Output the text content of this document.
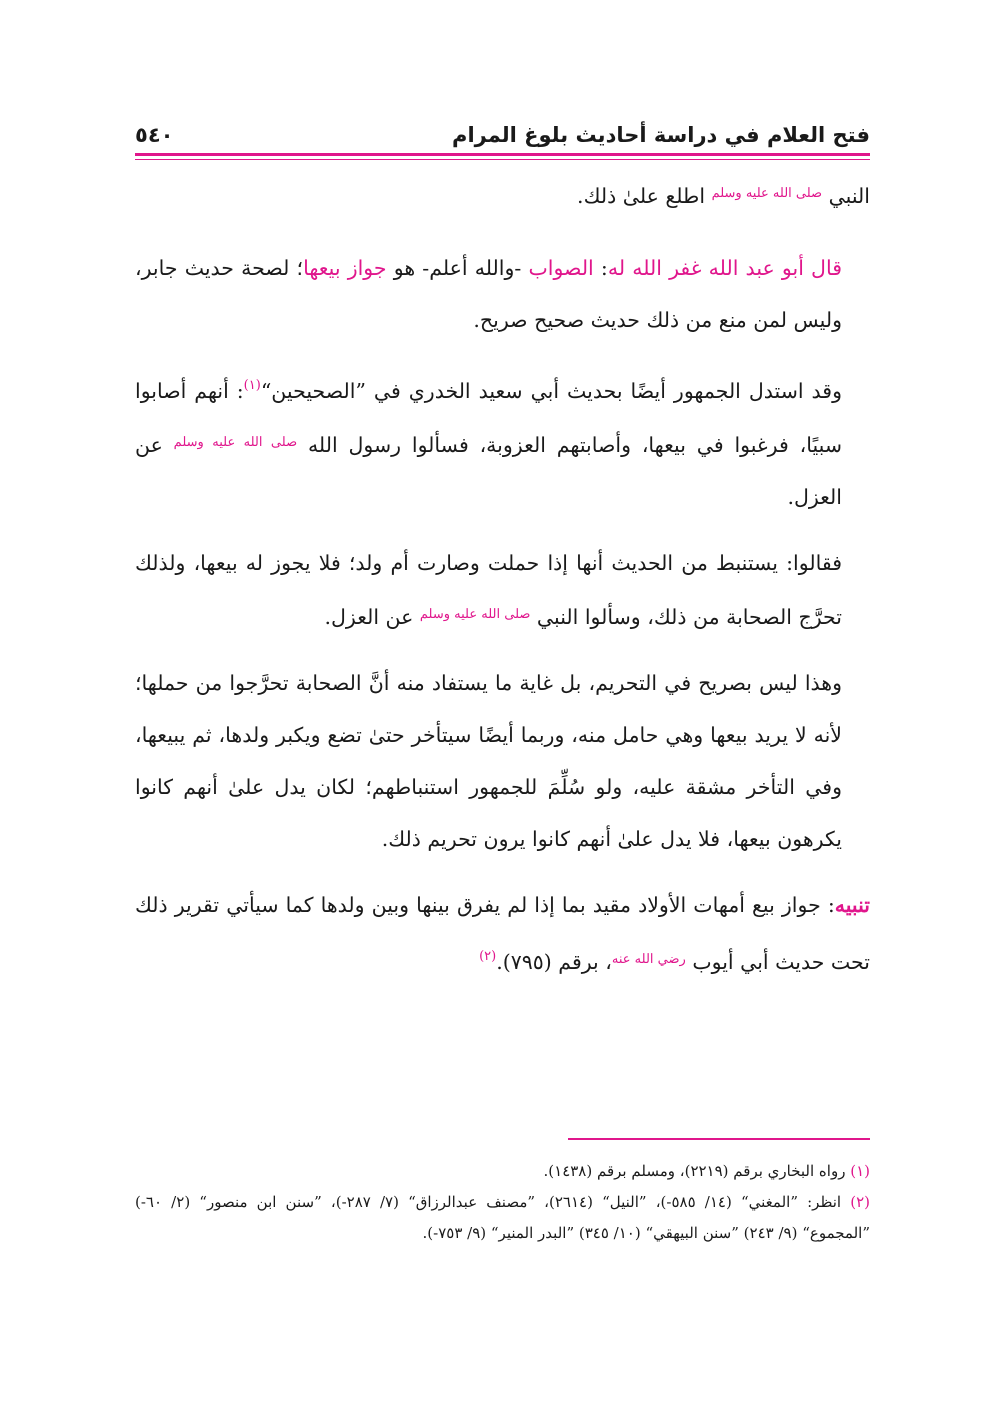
فتح العلام في دراسة أحاديث بلوغ المرام
٥٤٠

النبي $^{صلى الله عليه وسلم}$ اطلع علىٰ ذلك.

قال أبو عبد الله غفر الله له: الصواب -والله أعلم- هو جواز بيعها؛ لصحة حديث جابر، وليس لمن منع من ذلك حديث صحيح صريح.

وقد استدل الجمهور أيضًا بحديث أبي سعيد الخدري في ”الصحيحين“$^{(١)}$: أنهم أصابوا سبيًا، فرغبوا في بيعها، وأصابتهم العزوبة، فسألوا رسول الله $^{صلى الله عليه وسلم}$ عن العزل.

فقالوا: يستنبط من الحديث أنها إذا حملت وصارت أم ولد؛ فلا يجوز له بيعها، ولذلك تحرَّج الصحابة من ذلك، وسألوا النبي $^{صلى الله عليه وسلم}$ عن العزل.

وهذا ليس بصريح في التحريم، بل غاية ما يستفاد منه أنَّ الصحابة تحرَّجوا من حملها؛ لأنه لا يريد بيعها وهي حامل منه، وربما أيضًا سيتأخر حتىٰ تضع ويكبر ولدها، ثم يبيعها، وفي التأخر مشقة عليه، ولو سُلِّمَ للجمهور استنباطهم؛ لكان يدل علىٰ أنهم كانوا يكرهون بيعها، فلا يدل علىٰ أنهم كانوا يرون تحريم ذلك.

تنبيه: جواز بيع أمهات الأولاد مقيد بما إذا لم يفرق بينها وبين ولدها كما سيأتي تقرير ذلك تحت حديث أبي أيوب $^{رضي الله عنه}$، برقم (٧٩٥).$^{(٢)}$

(١) رواه البخاري برقم (٢٢١٩)، ومسلم برقم (١٤٣٨).

(٢) انظر: ”المغني“ (١٤/ ٥٨٥-)، ”النيل“ (٢٦١٤)، ”مصنف عبدالرزاق“ (٧/ ٢٨٧-)، ”سنن ابن منصور“ (٢/ ٦٠-) ”المجموع“ (٩/ ٢٤٣) ”سنن البيهقي“ (١٠/ ٣٤٥) ”البدر المنير“ (٩/ ٧٥٣-).
